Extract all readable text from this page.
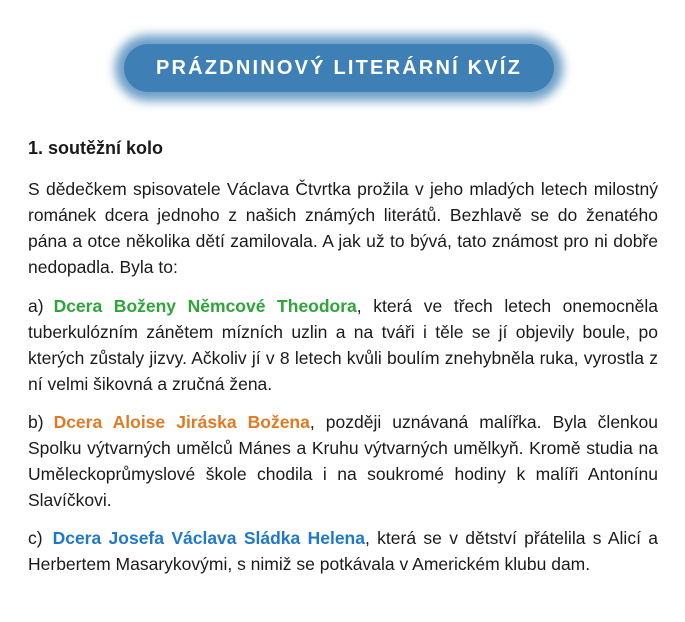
PRÁZDNINOVÝ LITERÁRNÍ KVÍZ
1. soutěžní kolo

S dědečkem spisovatele Václava Čtvrtka prožila v jeho mladých letech milostný románek dcera jednoho z našich známých literátů. Bezhlavě se do ženatého pána a otce několika dětí zamilovala. A jak už to bývá, tato známost pro ni dobře nedopadla. Byla to:

a) Dcera Boženy Němcové Theodora, která ve třech letech onemocněla tuberkulózním zánětem mízních uzlin a na tváři i těle se jí objevily boule, po kterých zůstaly jizvy. Ačkoliv jí v 8 letech kvůli boulím znehybněla ruka, vyrostla z ní velmi šikovná a zručná žena.

b) Dcera Aloise Jiráska Božena, později uznávaná malířka. Byla členkou Spolku výtvarných umělců Mánes a Kruhu výtvarných umělkyň. Kromě studia na Uměleckoprůmyslové škole chodila i na soukromé hodiny k malíři Antonínu Slavíčkovi.

c) Dcera Josefa Václava Sládka Helena, která se v dětství přátelila s Alicí a Herbertem Masarykovými, s nimiž se potkávala v Americkém klubu dam.
